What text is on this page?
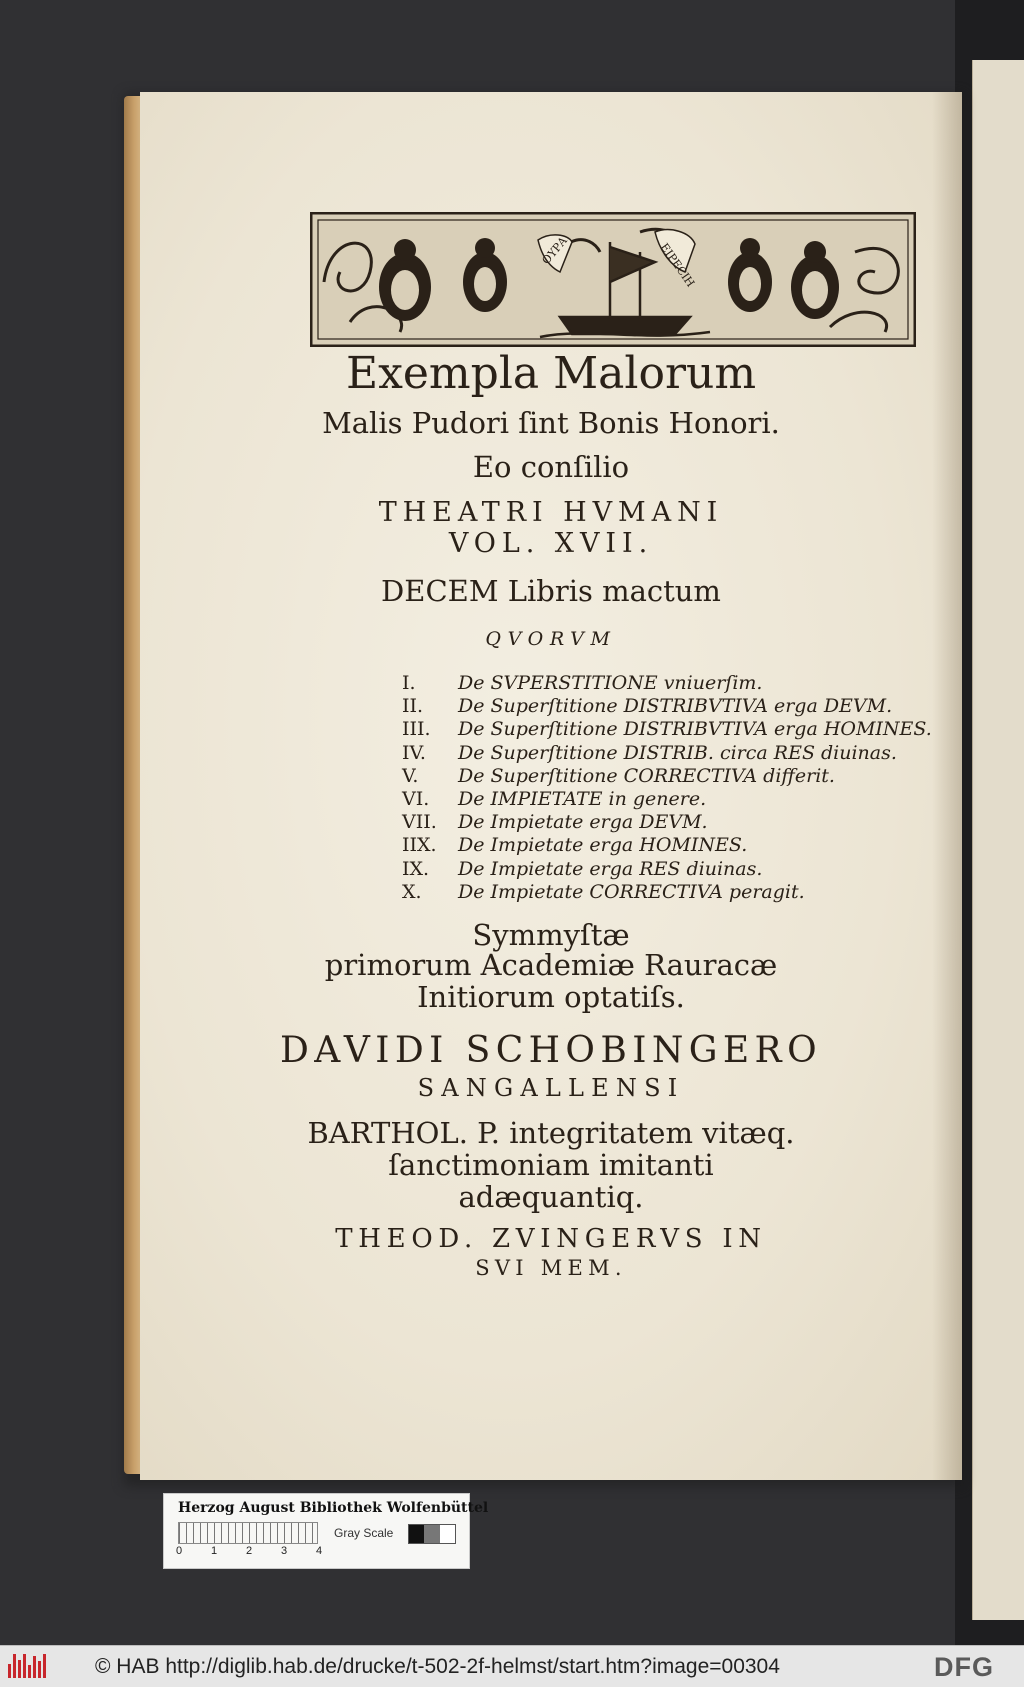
ΟΥΡΑ	ΕΙΡΕCΙΗ
Exempla Malorum
Malis Pudori ſint Bonis Honori.
Eo conſilio
THEATRI HVMANI
VOL. XVII.
DECEM Libris mactum
QVORVM
I.	De SVPERSTITIONE vniuerſim.
II.	De Superſtitione DISTRIBVTIVA erga DEVM.
III.	De Superſtitione DISTRIBVTIVA erga HOMINES.
IV.	De Superſtitione DISTRIB. circa RES diuinas.
V.	De Superſtitione CORRECTIVA differit.
VI.	De IMPIETATE in genere.
VII.	De Impietate erga DEVM.
IIX.	De Impietate erga HOMINES.
IX.	De Impietate erga RES diuinas.
X.	De Impietate CORRECTIVA peragit.
Symmyſtæ
primorum Academiæ Rauracæ
Initiorum optatiſs.
DAVIDI SCHOBINGERO
SANGALLENSI
BARTHOL. P. integritatem vitæq.
ſanctimoniam imitanti
adæquantiq.
THEOD. ZVINGERVS IN
SVI MEM.
Herzog August Bibliothek Wolfenbüttel
0	1	2	3	4
Gray Scale
© HAB http://diglib.hab.de/drucke/t-502-2f-helmst/start.htm?image=00304	DFG
